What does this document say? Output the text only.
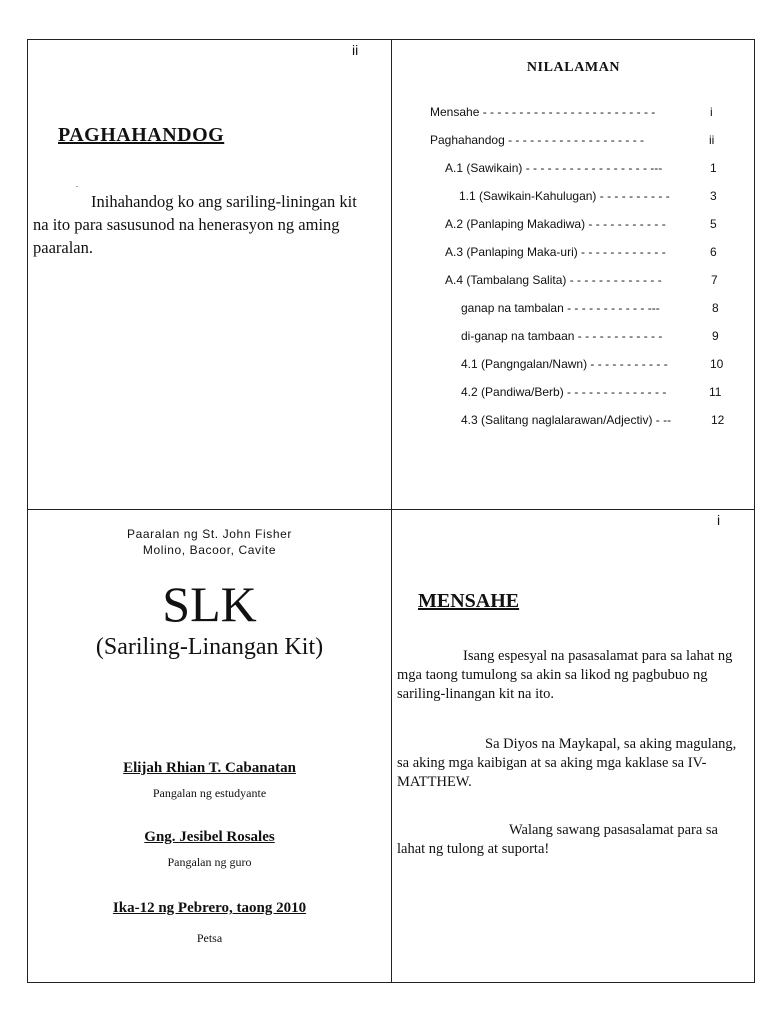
ii
PAGHAHANDOG
.
Inihahandog ko ang sariling-liningan kit na ito para sasusunod na henerasyon ng aming paaralan.
NILALAMAN
Mensahe - - - - - - - - - - - - - - - - - - - - - - - -	i
Paghahandog - - - - - - - - - - - - - - - - - - -	ii
A.1 (Sawikain) - - - - - - - - - - - - - - - - - ---	1
1.1 (Sawikain-Kahulugan) - - - - - - - - - -	3
A.2 (Panlaping Makadiwa) - - - - - - - - - - -	5
A.3 (Panlaping Maka-uri) - - - - - - - - - - - -	6
A.4 (Tambalang Salita) - - - - - - - - - - - - -	7
ganap na tambalan - - - - - - - - - - - ---	8
di-ganap na tambaan - - - - - - - - - - - -	9
4.1 (Pangngalan/Nawn) - - - - - - - - - - -	10
4.2 (Pandiwa/Berb) - - - - - - - - - - - - - -	11
4.3 (Salitang naglalarawan/Adjectiv) - --	12
Paaralan ng St. John Fisher
Molino, Bacoor, Cavite
SLK
(Sariling-Linangan Kit)
Elijah Rhian T. Cabanatan
Pangalan ng estudyante
Gng. Jesibel Rosales
Pangalan ng guro
Ika-12 ng Pebrero, taong 2010
Petsa
i
MENSAHE
Isang espesyal na pasasalamat para sa lahat ng mga taong tumulong sa akin sa likod ng pagbubuo ng sariling-linangan kit na ito.
Sa Diyos na Maykapal, sa aking magulang, sa aking mga kaibigan at sa aking mga kaklase sa IV-MATTHEW.
Walang sawang pasasalamat para sa lahat ng tulong at suporta!
